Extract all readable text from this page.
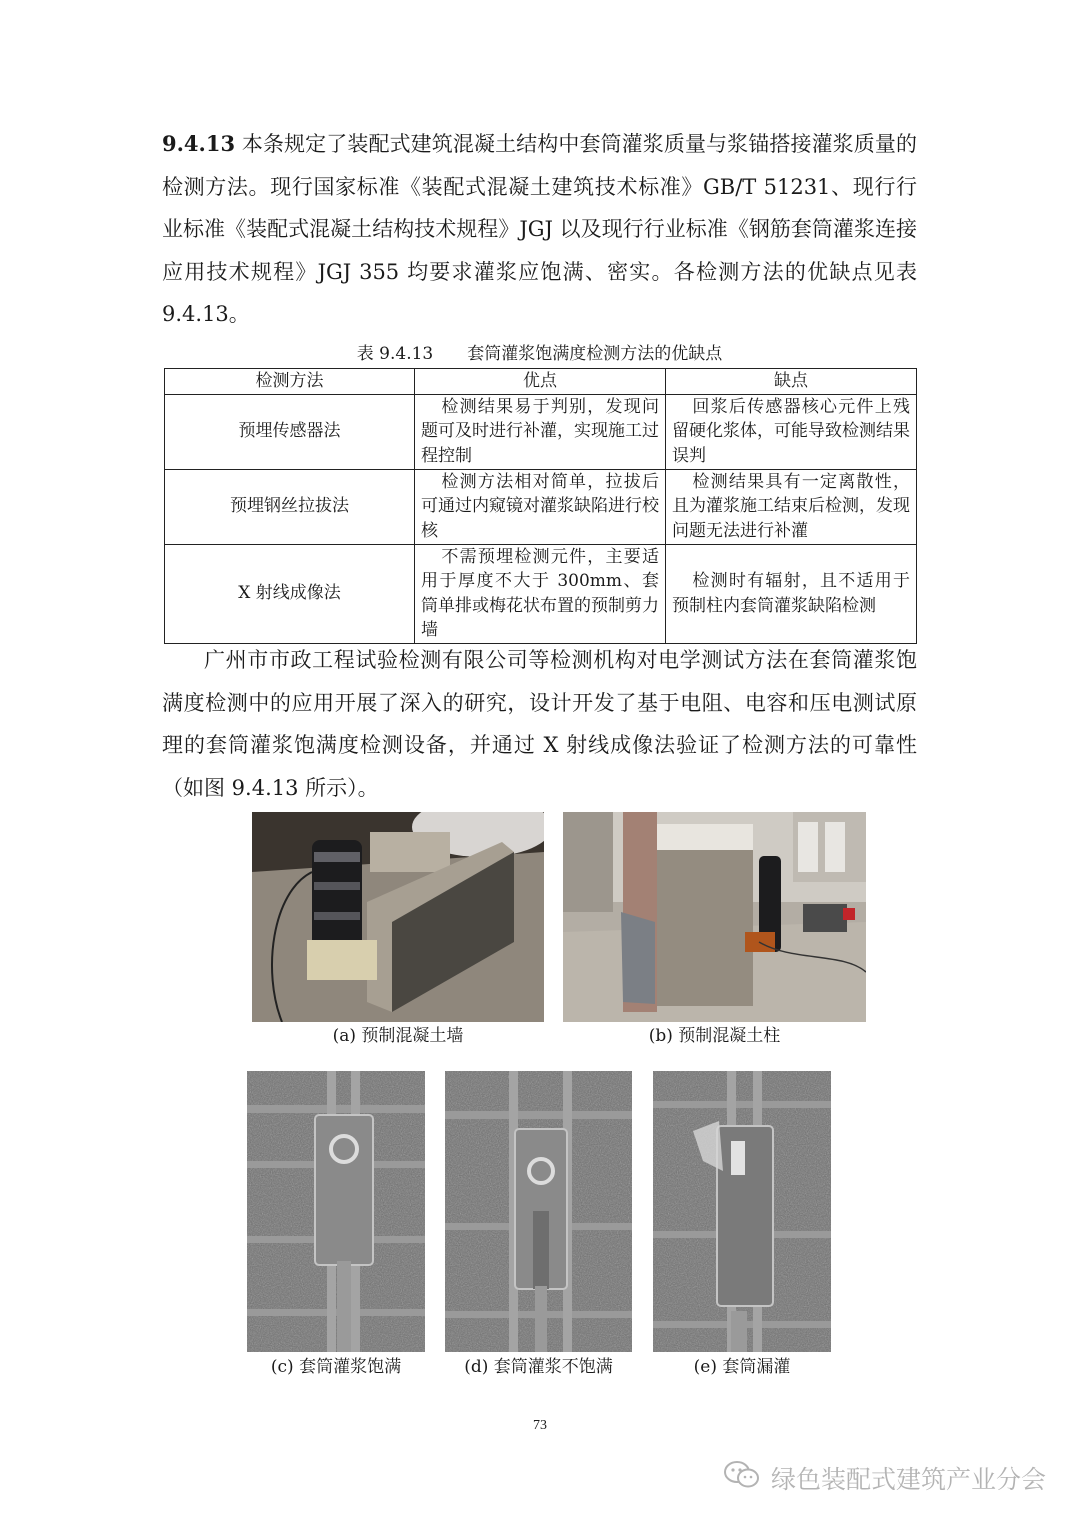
9.4.13 本条规定了装配式建筑混凝土结构中套筒灌浆质量与浆锚搭接灌浆质量的检测方法。现行国家标准《装配式混凝土建筑技术标准》GB/T 51231、现行行业标准《装配式混凝土结构技术规程》JGJ 以及现行行业标准《钢筋套筒灌浆连接应用技术规程》JGJ 355 均要求灌浆应饱满、密实。各检测方法的优缺点见表9.4.13。

表 9.4.13 套筒灌浆饱满度检测方法的优缺点
检测方法	优点	缺点
预埋传感器法	检测结果易于判别，发现问题可及时进行补灌，实现施工过程控制	回浆后传感器核心元件上残留硬化浆体，可能导致检测结果误判

预埋钢丝拉拔法	检测方法相对简单，拉拔后可通过内窥镜对灌浆缺陷进行校核	检测结果具有一定离散性，且为灌浆施工结束后检测，发现问题无法进行补灌

X 射线成像法	不需预埋检测元件，主要适用于厚度不大于 300mm、套筒单排或梅花状布置的预制剪力墙	检测时有辐射，且不适用于预制柱内套筒灌浆缺陷检测

广州市市政工程试验检测有限公司等检测机构对电学测试方法在套筒灌浆饱满度检测中的应用开展了深入的研究，设计开发了基于电阻、电容和压电测试原理的套筒灌浆饱满度检测设备，并通过 X 射线成像法验证了检测方法的可靠性（如图 9.4.13 所示）。

(a) 预制混凝土墙	(b) 预制混凝土柱
(c) 套筒灌浆饱满	(d) 套筒灌浆不饱满	(e) 套筒漏灌
73
绿色装配式建筑产业分会
